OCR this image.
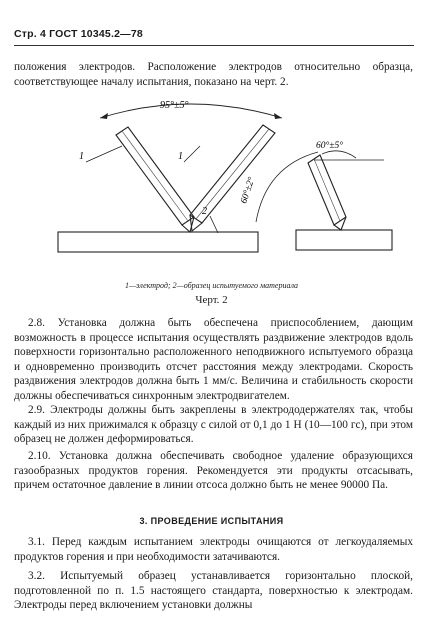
Стр. 4 ГОСТ 10345.2—78

положения электродов. Расположение электродов относительно образца, соответствующее началу испытания, показано на черт. 2.

95°±5°
1	1
2
60°±5°
60°±2°
1—электрод; 2—образец испытуемого материала
Черт. 2

2.8. Установка должна быть обеспечена приспособлением, дающим возможность в процессе испытания осуществлять раздвижение электродов вдоль поверхности горизонтально расположенного неподвижного испытуемого образца и одновременно производить отсчет расстояния между электродами. Скорость раздвижения электродов должна быть 1 мм/с. Величина и стабильность скорости должны обеспечиваться синхронным электродвигателем.

2.9. Электроды должны быть закреплены в электрододержателях так, чтобы каждый из них прижимался к образцу с силой от 0,1 до 1 Н (10—100 гс), при этом образец не должен деформироваться.

2.10. Установка должна обеспечивать свободное удаление образующихся газообразных продуктов горения. Рекомендуется эти продукты отсасывать, причем остаточное давление в линии отсоса должно быть не менее 90000 Па.

3. ПРОВЕДЕНИЕ ИСПЫТАНИЯ

3.1. Перед каждым испытанием электроды очищаются от легкоудаляемых продуктов горения и при необходимости затачиваются.

3.2. Испытуемый образец устанавливается горизонтально плоской, подготовленной по п. 1.5 настоящего стандарта, поверхностью к электродам. Электроды перед включением установки должны
